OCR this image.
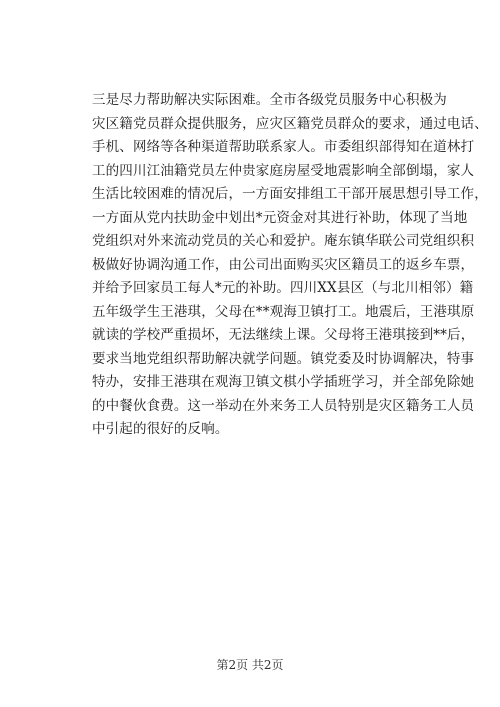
三是尽力帮助解决实际困难。全市各级党员服务中心积极为
灾区籍党员群众提供服务，应灾区籍党员群众的要求，通过电话、
手机、网络等各种渠道帮助联系家人。市委组织部得知在道林打
工的四川江油籍党员左仲贵家庭房屋受地震影响全部倒塌，家人
生活比较困难的情况后，一方面安排组工干部开展思想引导工作，
一方面从党内扶助金中划出*元资金对其进行补助，体现了当地
党组织对外来流动党员的关心和爱护。庵东镇华联公司党组织积
极做好协调沟通工作，由公司出面购买灾区籍员工的返乡车票，
并给予回家员工每人*元的补助。四川XX县区（与北川相邻）籍
五年级学生王港琪，父母在**观海卫镇打工。地震后，王港琪原
就读的学校严重损坏，无法继续上课。父母将王港琪接到**后，
要求当地党组织帮助解决就学问题。镇党委及时协调解决，特事
特办，安排王港琪在观海卫镇文棋小学插班学习，并全部免除她
的中餐伙食费。这一举动在外来务工人员特别是灾区籍务工人员
中引起的很好的反响。
第2页 共2页
